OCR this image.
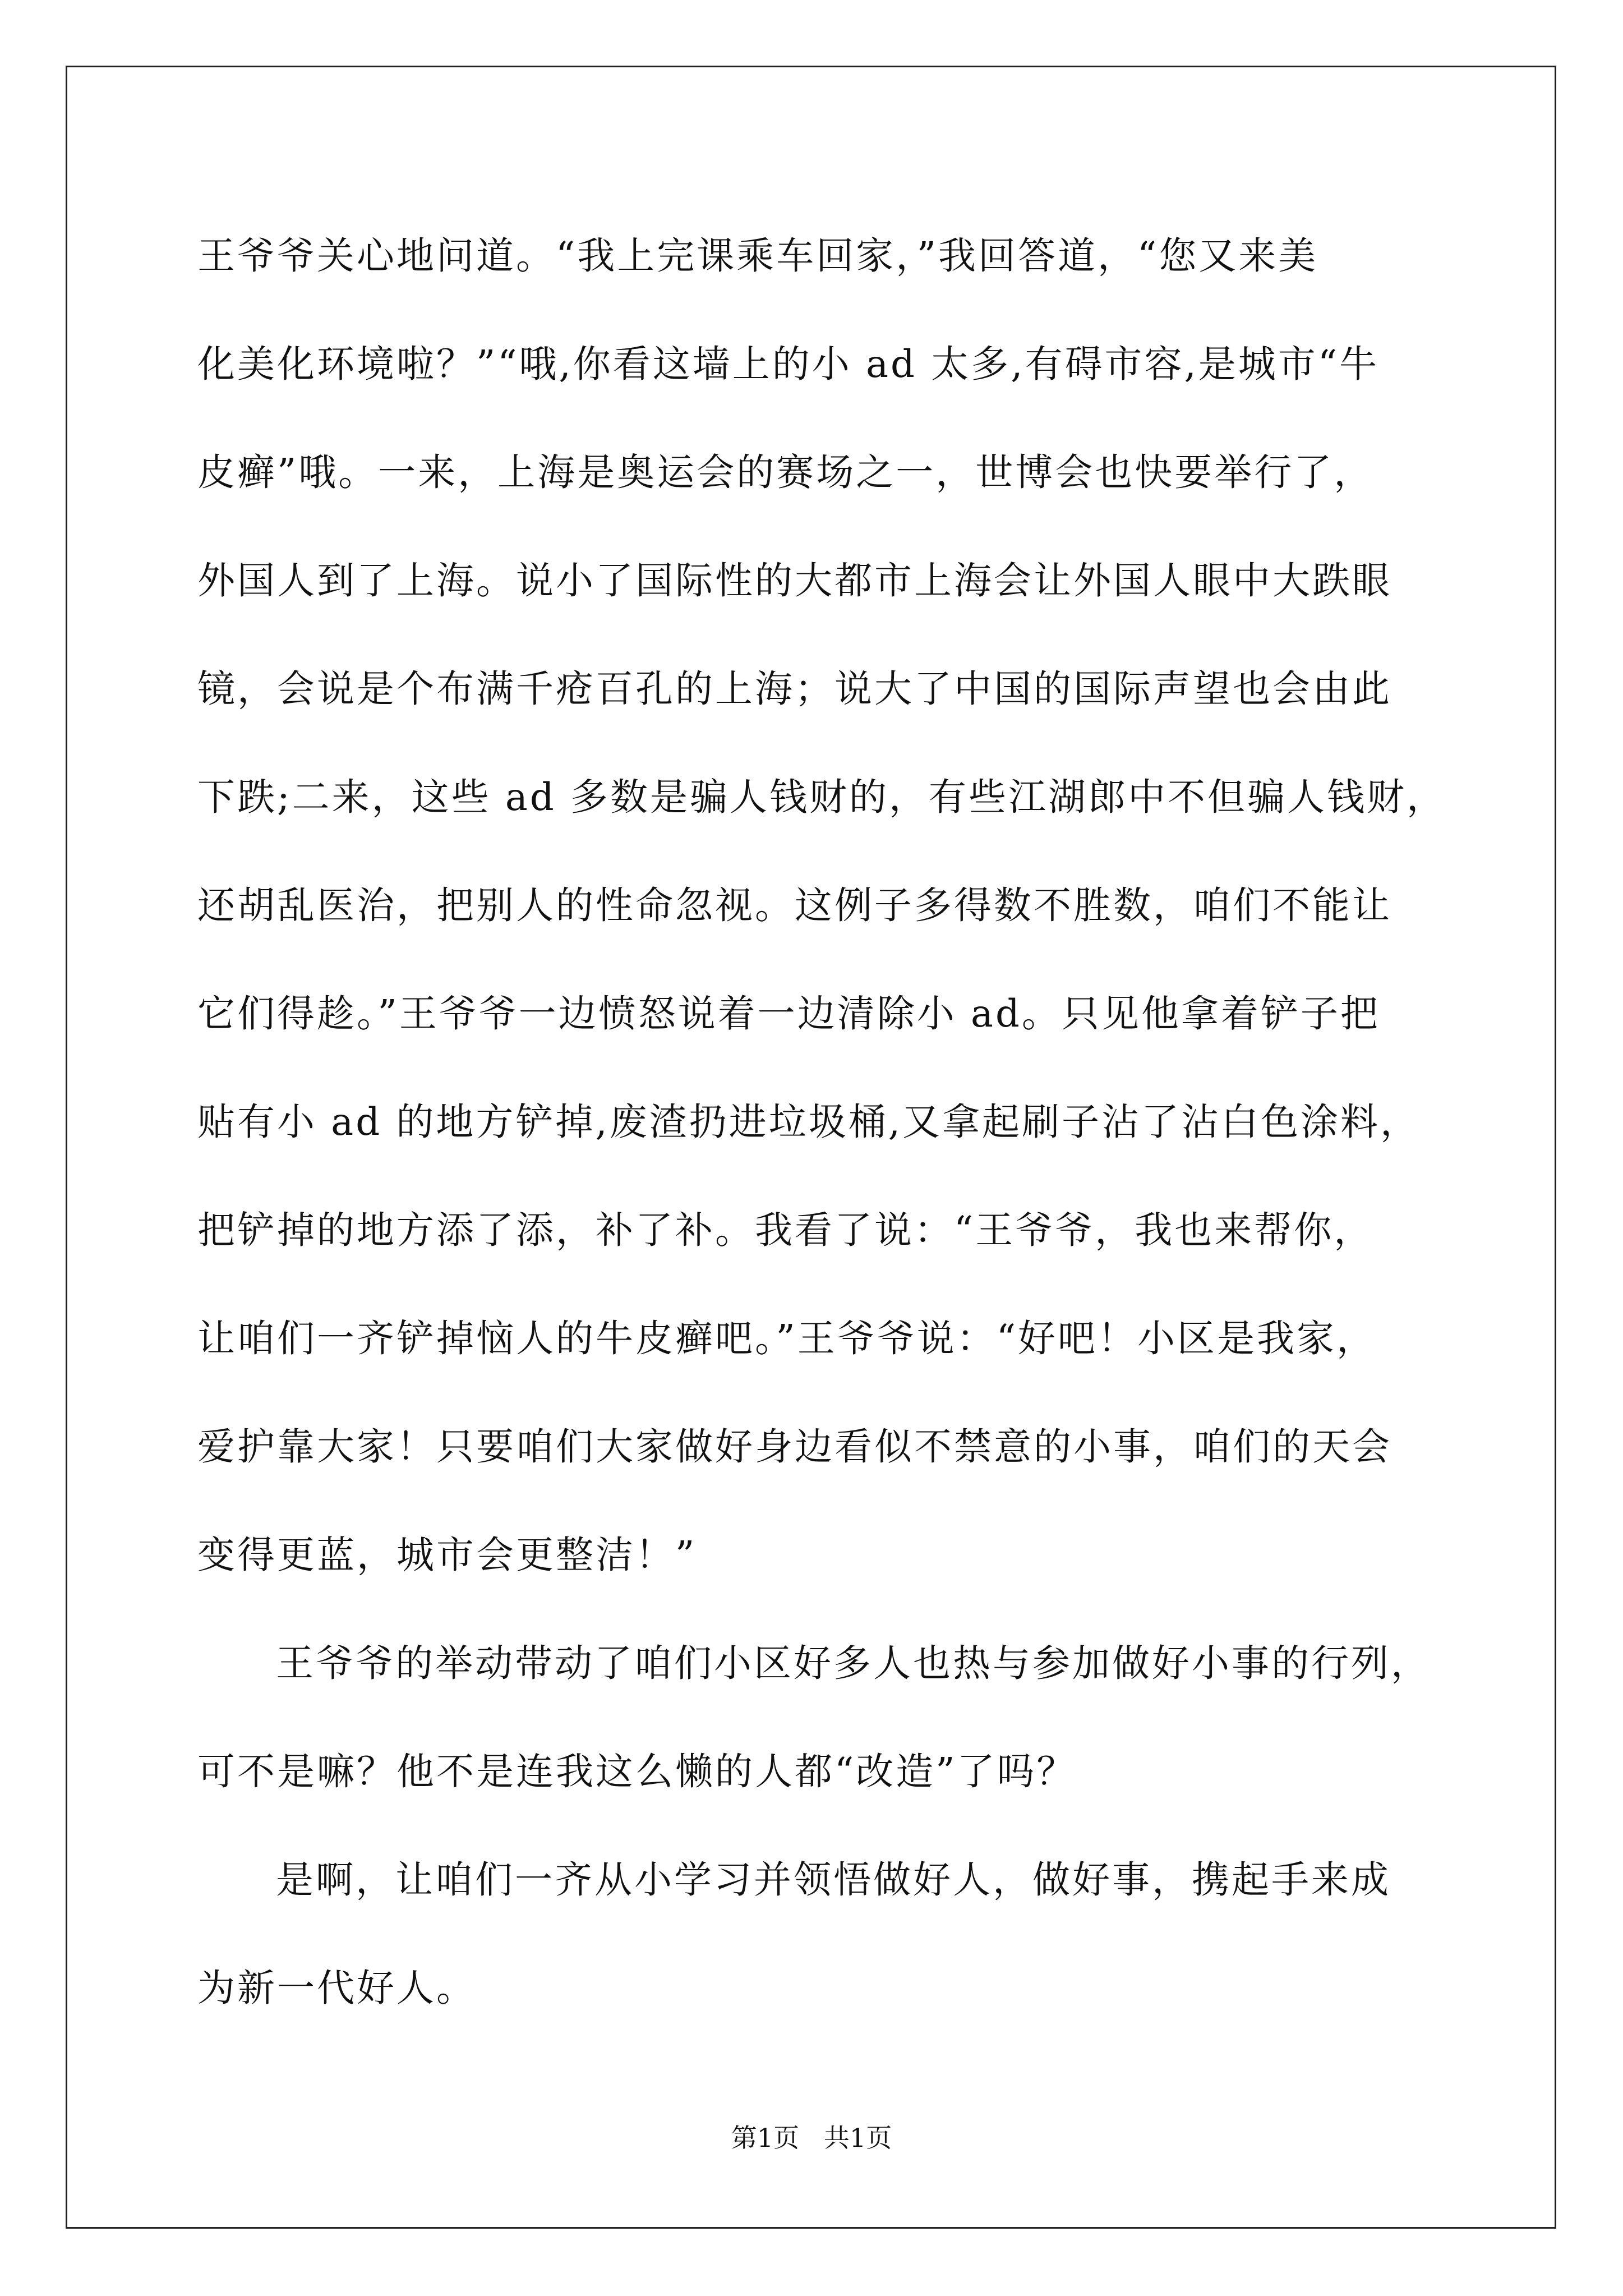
王爷爷关心地问道。“我上完课乘车回家，”我回答道，“您又来美
化美化环境啦？”“哦,你看这墙上的小 ad 太多,有碍市容,是城市“牛
皮癣”哦。一来，上海是奥运会的赛场之一，世博会也快要举行了，
外国人到了上海。说小了国际性的大都市上海会让外国人眼中大跌眼
镜，会说是个布满千疮百孔的上海；说大了中国的国际声望也会由此
下跌;二来，这些 ad 多数是骗人钱财的，有些江湖郎中不但骗人钱财，
还胡乱医治，把别人的性命忽视。这例子多得数不胜数，咱们不能让
它们得趁。”王爷爷一边愤怒说着一边清除小 ad。只见他拿着铲子把
贴有小 ad 的地方铲掉,废渣扔进垃圾桶,又拿起刷子沾了沾白色涂料，
把铲掉的地方添了添，补了补。我看了说：“王爷爷，我也来帮你，
让咱们一齐铲掉恼人的牛皮癣吧。”王爷爷说：“好吧！小区是我家，
爱护靠大家！只要咱们大家做好身边看似不禁意的小事，咱们的天会
变得更蓝，城市会更整洁！”
王爷爷的举动带动了咱们小区好多人也热与参加做好小事的行列，
可不是嘛？他不是连我这么懒的人都“改造”了吗？
是啊，让咱们一齐从小学习并领悟做好人，做好事，携起手来成
为新一代好人。
第1页   共1页
